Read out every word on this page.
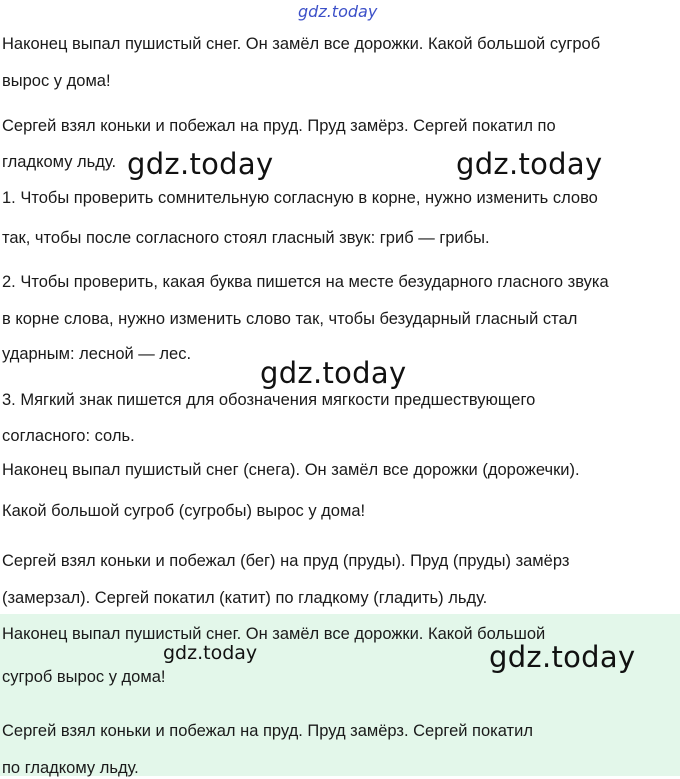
gdz.today
Наконец выпал пушистый снег. Он замёл все дорожки. Какой большой сугроб
вырос у дома!
Сергей взял коньки и побежал на пруд. Пруд замёрз. Сергей покатил по
гладкому льду.
1. Чтобы проверить сомнительную согласную в корне, нужно изменить слово
так, чтобы после согласного стоял гласный звук: гриб — грибы.
2. Чтобы проверить, какая буква пишется на месте безударного гласного звука
в корне слова, нужно изменить слово так, чтобы безударный гласный стал
ударным: лесной — лес.
3. Мягкий знак пишется для обозначения мягкости предшествующего
согласного: соль.
Наконец выпал пушистый снег (снега). Он замёл все дорожки (дорожечки).
Какой большой сугроб (сугробы) вырос у дома!
Сергей взял коньки и побежал (бег) на пруд (пруды). Пруд (пруды) замёрз
(замерзал). Сергей покатил (катит) по гладкому (гладить) льду.
Наконец выпал пушистый снег. Он замёл все дорожки. Какой большой
сугроб вырос у дома!
Сергей взял коньки и побежал на пруд. Пруд замёрз. Сергей покатил
по гладкому льду.
gdz.today	gdz.today
gdz.today
gdz.today	gdz.today
